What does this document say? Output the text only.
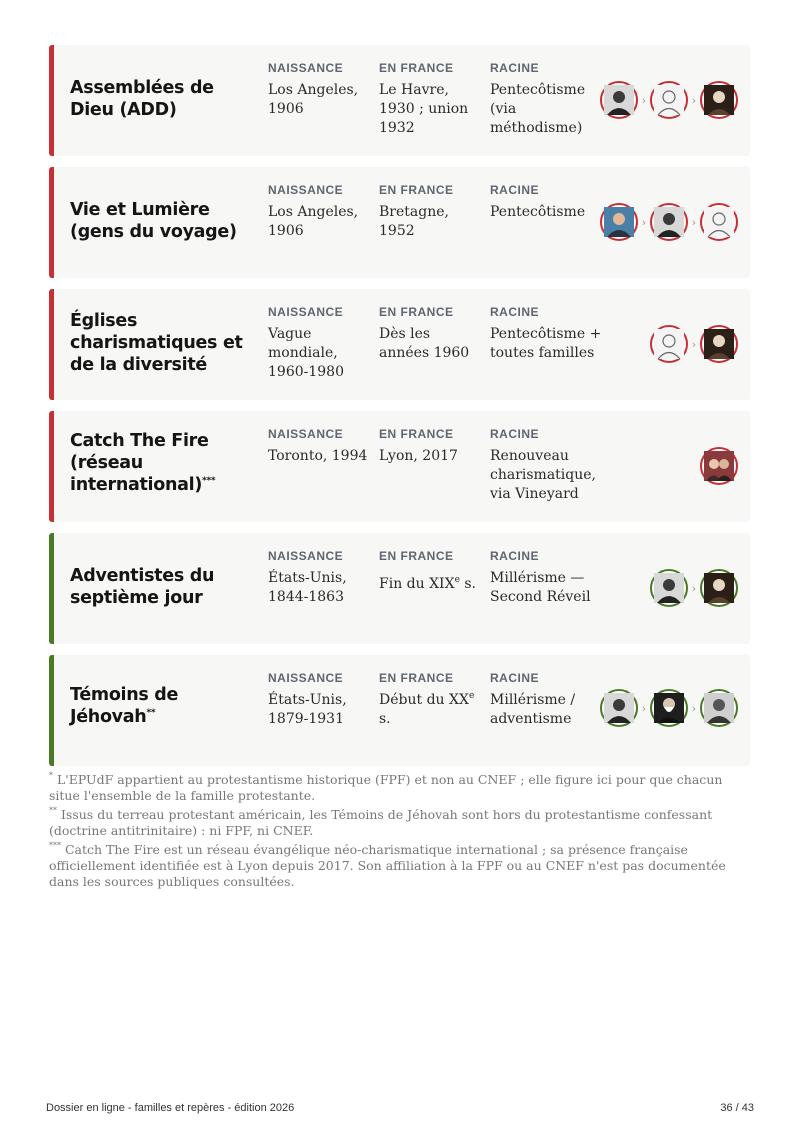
Assemblées de Dieu (ADD)
NAISSANCE
Los Angeles, 1906
EN FRANCE
Le Havre, 1930 ; union 1932
RACINE
Pentecôtisme (via méthodisme)
›	›
Vie et Lumière (gens du voyage)
NAISSANCE
Los Angeles, 1906
EN FRANCE
Bretagne, 1952
RACINE
Pentecôtisme
›	›
Églises charismatiques et de la diversité
NAISSANCE
Vague mondiale, 1960-1980
EN FRANCE
Dès les années 1960
RACINE
Pentecôtisme + toutes familles
›
Catch The Fire (réseau international)***
NAISSANCE
Toronto, 1994
EN FRANCE
Lyon, 2017
RACINE
Renouveau charismatique, via Vineyard
Adventistes du septième jour
NAISSANCE
États-Unis, 1844-1863
EN FRANCE
Fin du XIXe s.
RACINE
Millérisme — Second Réveil
›
Témoins de Jéhovah**
NAISSANCE
États-Unis, 1879-1931
EN FRANCE
Début du XXe s.
RACINE
Millérisme / adventisme
›	›
* L'EPUdF appartient au protestantisme historique (FPF) et non au CNEF ; elle figure ici pour que chacun situe l'ensemble de la famille protestante.
** Issus du terreau protestant américain, les Témoins de Jéhovah sont hors du protestantisme confessant (doctrine antitrinitaire) : ni FPF, ni CNEF.
*** Catch The Fire est un réseau évangélique néo-charismatique international ; sa présence française officiellement identifiée est à Lyon depuis 2017. Son affiliation à la FPF ou au CNEF n'est pas documentée dans les sources publiques consultées.
Dossier en ligne - familles et repères - édition 2026	36 / 43
